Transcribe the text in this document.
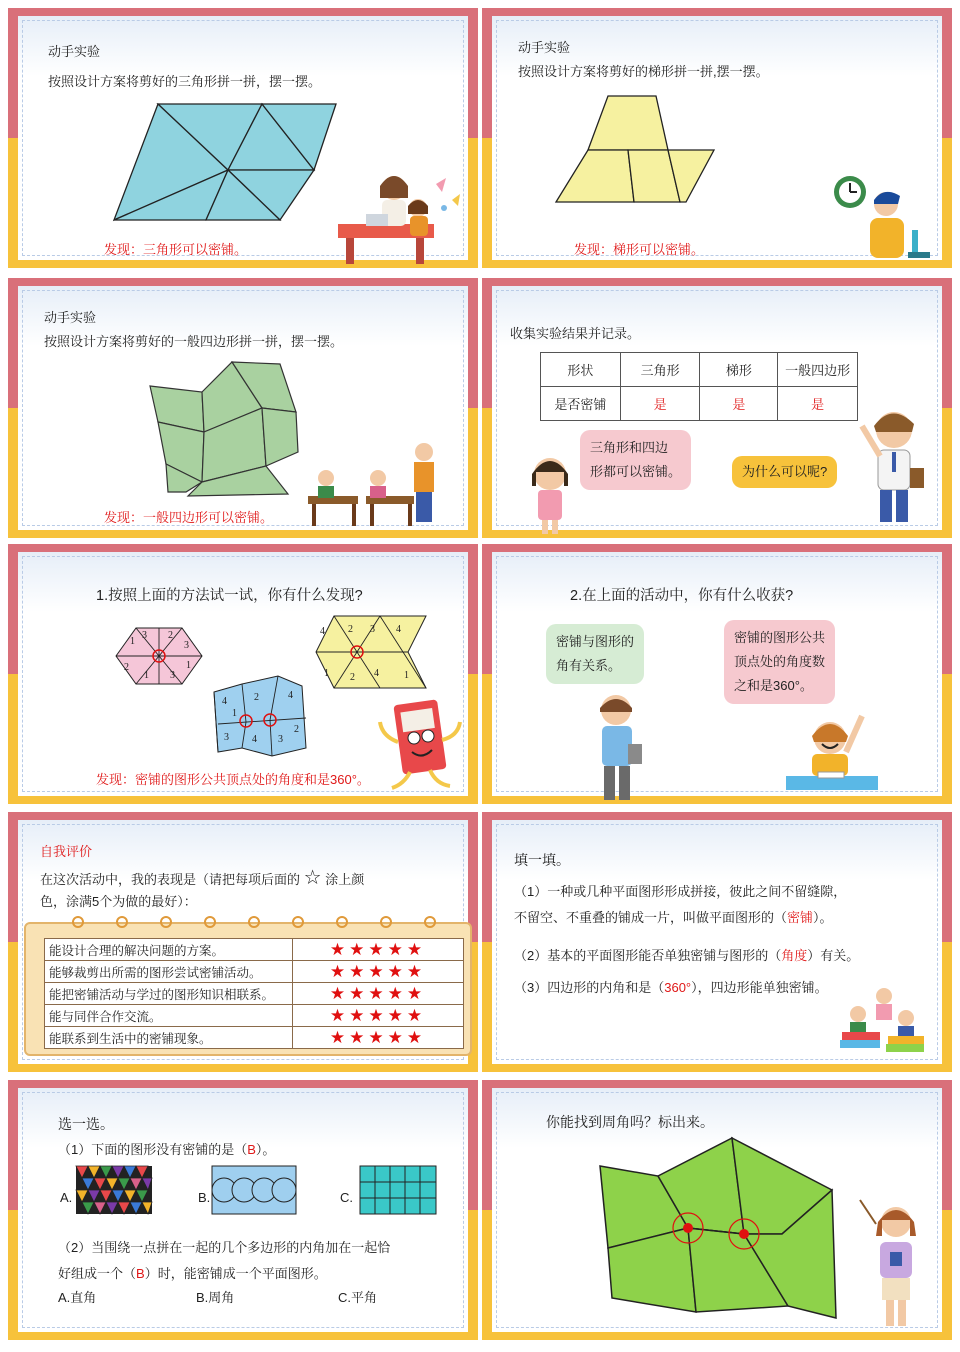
动手实验
按照设计方案将剪好的三角形拼一拼，摆一摆。
发现：三角形可以密铺。
动手实验
按照设计方案将剪好的梯形拼一拼,摆一摆。
发现：梯形可以密铺。
动手实验
按照设计方案将剪好的一般四边形拼一拼，摆一摆。
发现：一般四边形可以密铺。
收集实验结果并记录。
形状	三角形	梯形	一般四边形
是否密铺	是	是	是
三角形和四边
形都可以密铺。	为什么可以呢?
1.按照上面的方法试一试，你有什么发现?
1
3 2
3
2
1 3
1
4 2 3 4
1 2 4	1
4
1
2	4
3 4 3
2
发现：密铺的图形公共顶点处的角度和是360°。
2.在上面的活动中，你有什么收获?
密铺与图形的
角有关系。
密铺的图形公共
顶点处的角度数
之和是360°。
自我评价
在这次活动中，我的表现是（请把每项后面的 ☆ 涂上颜
色，涂满5个为做的最好）：
能设计合理的解决问题的方案。	★★★★★
能够裁剪出所需的图形尝试密铺活动。	★★★★★
能把密铺活动与学过的图形知识相联系。	★★★★★
能与同伴合作交流。	★★★★★
能联系到生活中的密铺现象。	★★★★★
填一填。
（1）一种或几种平面图形形成拼接，彼此之间不留缝隙，
不留空、不重叠的铺成一片，叫做平面图形的（密铺）。
（2）基本的平面图形能否单独密铺与图形的（角度）有关。
（3）四边形的内角和是（360°），四边形能单独密铺。
选一选。
（1）下面的图形没有密铺的是（B）。
A.	B.	C.
（2）当围绕一点拼在一起的几个多边形的内角加在一起恰
好组成一个（B）时，能密铺成一个平面图形。
A.直角	B.周角	C.平角
你能找到周角吗？标出来。
